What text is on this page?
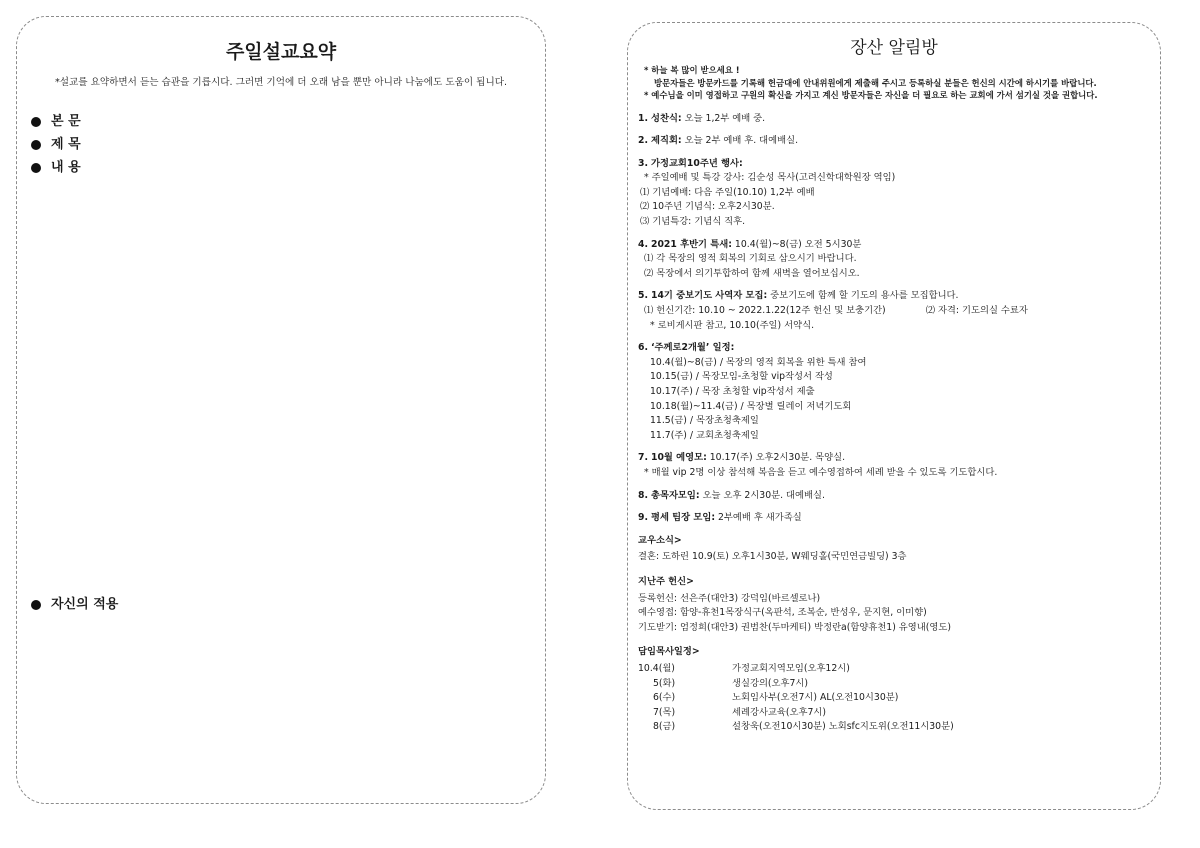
주일설교요약
*설교를 요약하면서 듣는 습관을 기릅시다. 그러면 기억에 더 오래 남을 뿐만 아니라 나눔에도 도움이 됩니다.
본 문
제 목
내 용
자신의 적용
장산 알림방
* 하늘 복 많이 받으세요 !
방문자들은 방문카드를 기록해 헌금대에 안내위원에게 제출해 주시고 등록하실 분들은 헌신의 시간에 하시기를 바랍니다.
* 예수님을 이미 영접하고 구원의 확신을 가지고 계신 방문자들은 자신을 더 필요로 하는 교회에 가서 섬기실 것을 권합니다.
1. 성찬식: 오늘 1,2부 예배 중.
2. 제직회: 오늘 2부 예배 후. 대예배실.
3. 가정교회10주년 행사:
* 주일예배 및 특강 강사: 김순성 목사(고려신학대학원장 역임)
⑴ 기념예배: 다음 주일(10.10) 1,2부 예배
⑵ 10주년 기념식: 오후2시30분.
⑶ 기념특강: 기념식 직후.
4. 2021 후반기 특새: 10.4(월)~8(금) 오전 5시30분
⑴ 각 목장의 영적 회복의 기회로 삼으시기 바랍니다.
⑵ 목장에서 의기투합하여 함께 새벽을 열어보십시오.
5. 14기 중보기도 사역자 모집: 중보기도에 함께 할 기도의 용사를 모집합니다.
⑴ 헌신기간: 10.10 ~ 2022.1.22(12주 헌신 및 보충기간)	⑵ 자격: 기도의실 수료자
* 로비게시판 참고, 10.10(주일) 서약식.
6. ‘주께로2개월’ 일정:
10.4(월)~8(금) / 목장의 영적 회복을 위한 특새 참여
10.15(금) / 목장모임-초청할 vip작성서 작성
10.17(주) / 목장 초청할 vip작성서 제출
10.18(월)~11.4(금) / 목장별 릴레이 저녁기도회
11.5(금) / 목장초청축제일
11.7(주) / 교회초청축제일
7. 10월 예영모: 10.17(주) 오후2시30분. 목양실.
* 매월 vip 2명 이상 참석해 복음을 듣고 예수영접하여 세례 받을 수 있도록 기도합시다.
8. 총목자모임: 오늘 오후 2시30분. 대예배실.
9. 평세 팀장 모임: 2부예배 후 새가족실
교우소식>
결혼: 도하린 10.9(토) 오후1시30분, W웨딩홀(국민연금빌딩) 3층
지난주 헌신>
등록헌신: 선은주(대안3) 강덕임(바르셀로나)
예수영접: 함양-휴천1목장식구(옥판석, 조복순, 반성우, 문지현, 이미향)
기도받기: 엄정희(대안3) 권범찬(두마케티) 박정란a(함양휴천1) 유영내(영도)
담임목사일정>
10.4(월)	가정교회지역모임(오후12시)
5(화)	생실강의(오후7시)
6(수)	노회임사부(오전7시) AL(오전10시30분)
7(목)	세례강사교육(오후7시)
8(금)	설창욱(오전10시30분) 노회sfc지도위(오전11시30분)
